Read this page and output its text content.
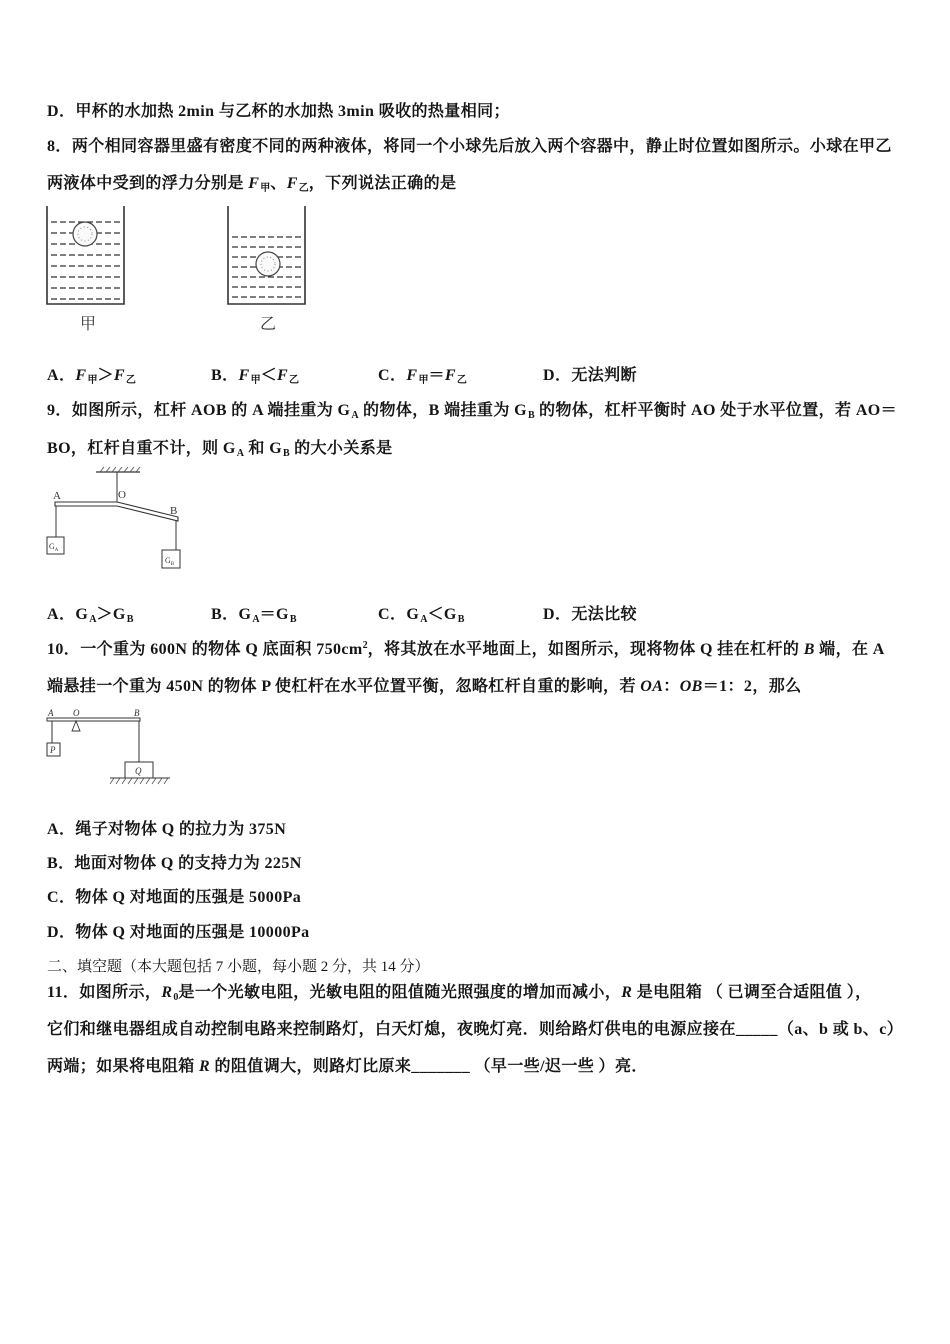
D．甲杯的水加热 2min 与乙杯的水加热 3min 吸收的热量相同；
8．两个相同容器里盛有密度不同的两种液体，将同一个小球先后放入两个容器中，静止时位置如图所示。小球在甲乙
两液体中受到的浮力分别是 F甲、F乙，下列说法正确的是
甲	乙
A．F甲＞F乙	B．F甲＜F乙	C．F甲＝F乙	D．无法判断
9．如图所示，杠杆 AOB 的 A 端挂重为 GA 的物体，B 端挂重为 GB 的物体，杠杆平衡时 AO 处于水平位置，若 AO＝
BO，杠杆自重不计，则 GA 和 GB 的大小关系是
A	O
B
$G_A$
$G_B$
A．GA＞GB	B．GA＝GB	C．GA＜GB	D．无法比较
10．一个重为 600N 的物体 Q 底面积 $750cm^2$，将其放在水平地面上，如图所示，现将物体 Q 挂在杠杆的 B 端，在 A
端悬挂一个重为 450N 的物体 P 使杠杆在水平位置平衡，忽略杠杆自重的影响，若 OA：OB＝1：2，那么
A O	B
P
Q
A．绳子对物体 Q 的拉力为 375N
B．地面对物体 Q 的支持力为 225N
C．物体 Q 对地面的压强是 5000Pa
D．物体 Q 对地面的压强是 10000Pa
二、填空题（本大题包括 7 小题，每小题 2 分，共 14 分）
11．如图所示，R0是一个光敏电阻，光敏电阻的阻值随光照强度的增加而减小，R 是电阻箱 （ 已调至合适阻值 ），
它们和继电器组成自动控制电路来控制路灯，白天灯熄，夜晚灯亮．则给路灯供电的电源应接在_____（a、b 或 b、c）
两端；如果将电阻箱 R 的阻值调大，则路灯比原来_______ （早一些/迟一些 ）亮．
